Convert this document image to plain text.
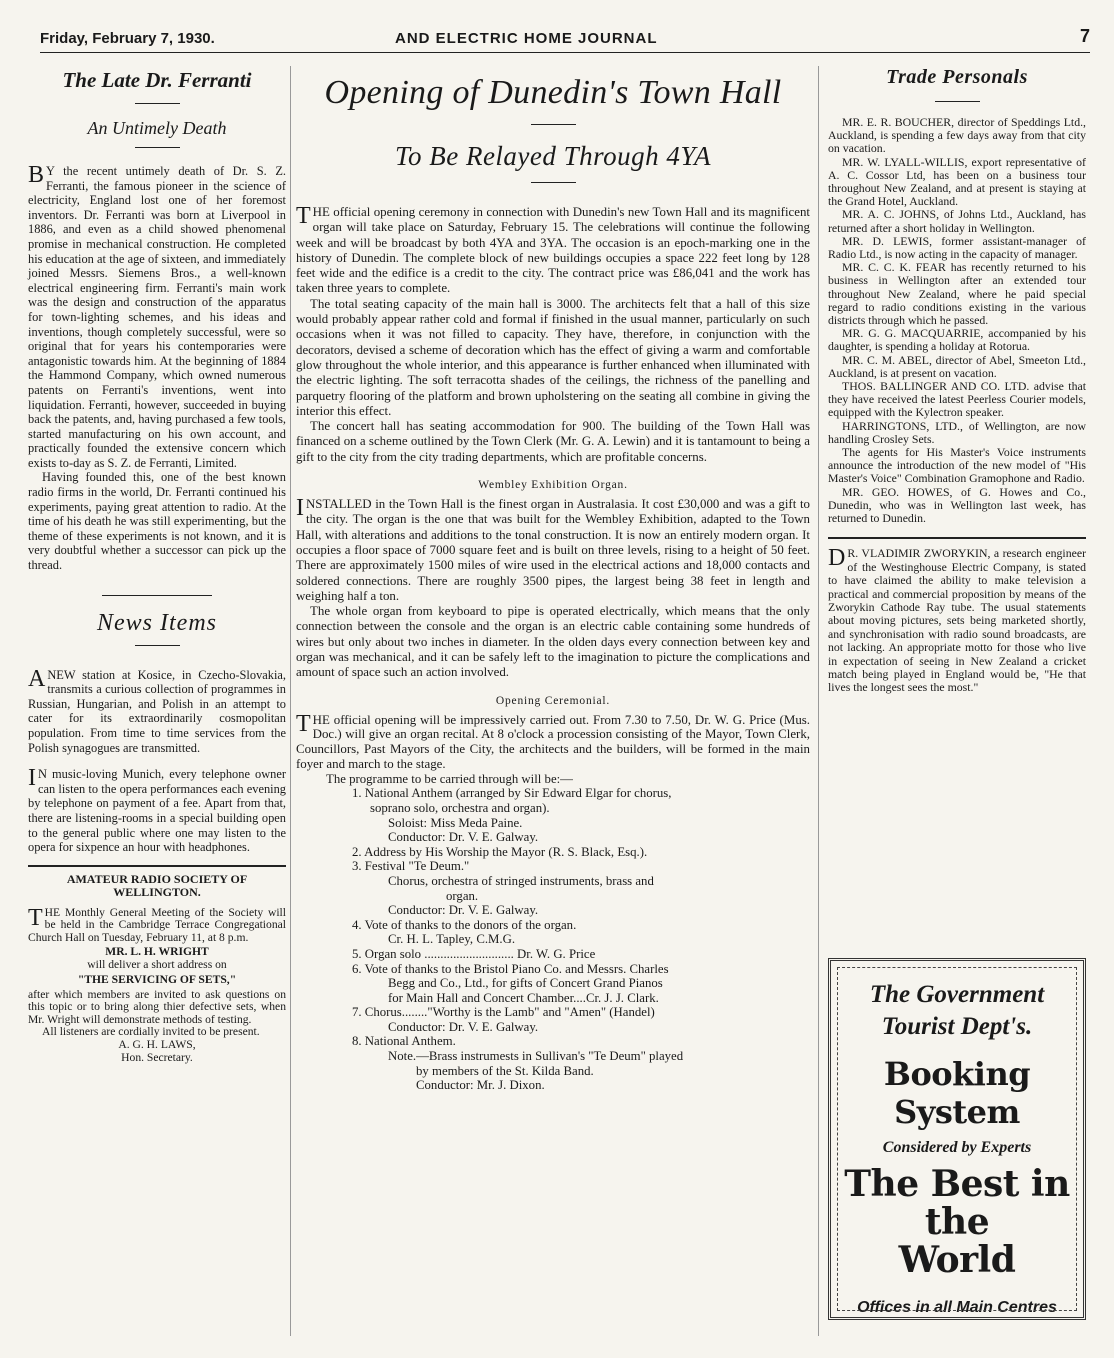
Friday, February 7, 1930.	AND ELECTRIC HOME JOURNAL	7
The Late Dr. Ferranti
An Untimely Death

B Y the recent untimely death of Dr. S. Z. Ferranti, the famous pioneer in the science of electricity, England lost one of her foremost inventors. Dr. Ferranti was born at Liverpool in 1886, and even as a child showed phenomenal promise in mechanical construction. He completed his education at the age of sixteen, and immediately joined Messrs. Siemens Bros., a well-known electrical engineering firm. Ferranti's main work was the design and construction of the apparatus for town-lighting schemes, and his ideas and inventions, though completely successful, were so original that for years his contemporaries were antagonistic towards him. At the beginning of 1884 the Hammond Company, which owned numerous patents on Ferranti's inventions, went into liquidation. Ferranti, however, succeeded in buying back the patents, and, having purchased a few tools, started manufacturing on his own account, and practically founded the extensive concern which exists to-day as S. Z. de Ferranti, Limited.

Having founded this, one of the best known radio firms in the world, Dr. Ferranti continued his experiments, paying great attention to radio. At the time of his death he was still experimenting, but the theme of these experiments is not known, and it is very doubtful whether a successor can pick up the thread.

News Items

A NEW station at Kosice, in Czecho-Slovakia, transmits a curious collection of programmes in Russian, Hungarian, and Polish in an attempt to cater for its extraordinarily cosmopolitan population. From time to time services from the Polish synagogues are transmitted.

I N music-loving Munich, every telephone owner can listen to the opera performances each evening by telephone on payment of a fee. Apart from that, there are listening-rooms in a special building open to the general public where one may listen to the opera for sixpence an hour with headphones.

AMATEUR RADIO SOCIETY OF WELLINGTON.

THE Monthly General Meeting of the Society will be held in the Cambridge Terrace Congregational Church Hall on Tuesday, February 11, at 8 p.m.

MR. L. H. WRIGHT
will deliver a short address on
"THE SERVICING OF SETS,"

after which members are invited to ask questions on this topic or to bring along thier defective sets, when Mr. Wright will demonstrate methods of testing.

All listeners are cordially invited to be present.

A. G. H. LAWS,
Hon. Secretary.
Opening of Dunedin's Town Hall
To Be Relayed Through 4YA

THE official opening ceremony in connection with Dunedin's new Town Hall and its magnificent organ will take place on Saturday, February 15. The celebrations will continue the following week and will be broadcast by both 4YA and 3YA. The occasion is an epoch-marking one in the history of Dunedin. The complete block of new buildings occupies a space 222 feet long by 128 feet wide and the edifice is a credit to the city. The contract price was £86,041 and the work has taken three years to complete.

The total seating capacity of the main hall is 3000. The architects felt that a hall of this size would probably appear rather cold and formal if finished in the usual manner, particularly on such occasions when it was not filled to capacity. They have, therefore, in conjunction with the decorators, devised a scheme of decoration which has the effect of giving a warm and comfortable glow throughout the whole interior, and this appearance is further enhanced when illuminated with the electric lighting. The soft terracotta shades of the ceilings, the richness of the panelling and parquetry flooring of the platform and brown upholstering on the seating all combine in giving the interior this effect.

The concert hall has seating accommodation for 900. The building of the Town Hall was financed on a scheme outlined by the Town Clerk (Mr. G. A. Lewin) and it is tantamount to being a gift to the city from the city trading departments, which are profitable concerns.

Wembley Exhibition Organ.

INSTALLED in the Town Hall is the finest organ in Australasia. It cost £30,000 and was a gift to the city. The organ is the one that was built for the Wembley Exhibition, adapted to the Town Hall, with alterations and additions to the tonal construction. It is now an entirely modern organ. It occupies a floor space of 7000 square feet and is built on three levels, rising to a height of 50 feet. There are approximately 1500 miles of wire used in the electrical actions and 18,000 contacts and soldered connections. There are roughly 3500 pipes, the largest being 38 feet in length and weighing half a ton.

The whole organ from keyboard to pipe is operated electrically, which means that the only connection between the console and the organ is an electric cable containing some hundreds of wires but only about two inches in diameter. In the olden days every connection between key and organ was mechanical, and it can be safely left to the imagination to picture the complications and amount of space such an action involved.

Opening Ceremonial.

THE official opening will be impressively carried out. From 7.30 to 7.50, Dr. W. G. Price (Mus. Doc.) will give an organ recital. At 8 o'clock a procession consisting of the Mayor, Town Clerk, Councillors, Past Mayors of the City, the architects and the builders, will be formed in the main foyer and march to the stage.

The programme to be carried through will be:—
1. National Anthem (arranged by Sir Edward Elgar for chorus,
soprano solo, orchestra and organ).
Soloist: Miss Meda Paine.
Conductor: Dr. V. E. Galway.
2. Address by His Worship the Mayor (R. S. Black, Esq.).
3. Festival "Te Deum."
Chorus, orchestra of stringed instruments, brass and
organ.
Conductor: Dr. V. E. Galway.
4. Vote of thanks to the donors of the organ.
Cr. H. L. Tapley, C.M.G.
5. Organ solo ............................ Dr. W. G. Price
6. Vote of thanks to the Bristol Piano Co. and Messrs. Charles
Begg and Co., Ltd., for gifts of Concert Grand Pianos
for Main Hall and Concert Chamber....Cr. J. J. Clark.
7. Chorus........"Worthy is the Lamb" and "Amen" (Handel)
Conductor: Dr. V. E. Galway.
8. National Anthem.
Note.—Brass instrumests in Sullivan's "Te Deum" played
by members of the St. Kilda Band.
Conductor: Mr. J. Dixon.
Trade Personals

MR. E. R. BOUCHER, director of Speddings Ltd., Auckland, is spending a few days away from that city on vacation.

MR. W. LYALL-WILLIS, export representative of A. C. Cossor Ltd, has been on a business tour throughout New Zealand, and at present is staying at the Grand Hotel, Auckland.

MR. A. C. JOHNS, of Johns Ltd., Auckland, has returned after a short holiday in Wellington.

MR. D. LEWIS, former assistant-manager of Radio Ltd., is now acting in the capacity of manager.

MR. C. C. K. FEAR has recently returned to his business in Wellington after an extended tour throughout New Zealand, where he paid special regard to radio conditions existing in the various districts through which he passed.

MR. G. G. MACQUARRIE, accompanied by his daughter, is spending a holiday at Rotorua.

MR. C. M. ABEL, director of Abel, Smeeton Ltd., Auckland, is at present on vacation.

THOS. BALLINGER AND CO. LTD. advise that they have received the latest Peerless Courier models, equipped with the Kylectron speaker.

HARRINGTONS, LTD., of Wellington, are now handling Crosley Sets.

The agents for His Master's Voice instruments announce the introduction of the new model of "His Master's Voice" Combination Gramophone and Radio.

MR. GEO. HOWES, of G. Howes and Co., Dunedin, who was in Wellington last week, has returned to Dunedin.

D R. VLADIMIR ZWORYKIN, a research engineer of the Westinghouse Electric Company, is stated to have claimed the ability to make television a practical and commercial proposition by means of the Zworykin Cathode Ray tube. The usual statements about moving pictures, sets being marketed shortly, and synchronisation with radio sound broadcasts, are not lacking. An appropriate motto for those who live in expectation of seeing in New Zealand a cricket match being played in England would be, "He that lives the longest sees the most."

The Government
Tourist Dept's.
Booking System
Considered by Experts
The Best in the
World
Offices in all Main Centres
